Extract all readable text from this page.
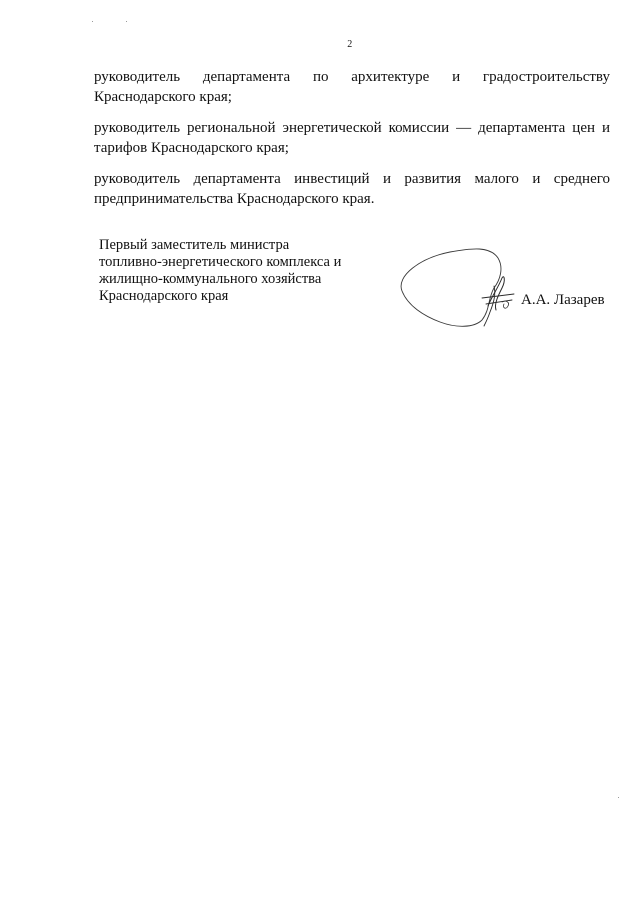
2
руководитель департамента по архитектуре и градостроительству
Краснодарского края;
руководитель региональной энергетической комиссии — департамента цен и
тарифов Краснодарского края;
руководитель департамента инвестиций и развития малого и среднего
предпринимательства Краснодарского края.
Первый заместитель министра
топливно-энергетического комплекса и
жилищно-коммунального хозяйства
Краснодарского края	А.А. Лазарев
